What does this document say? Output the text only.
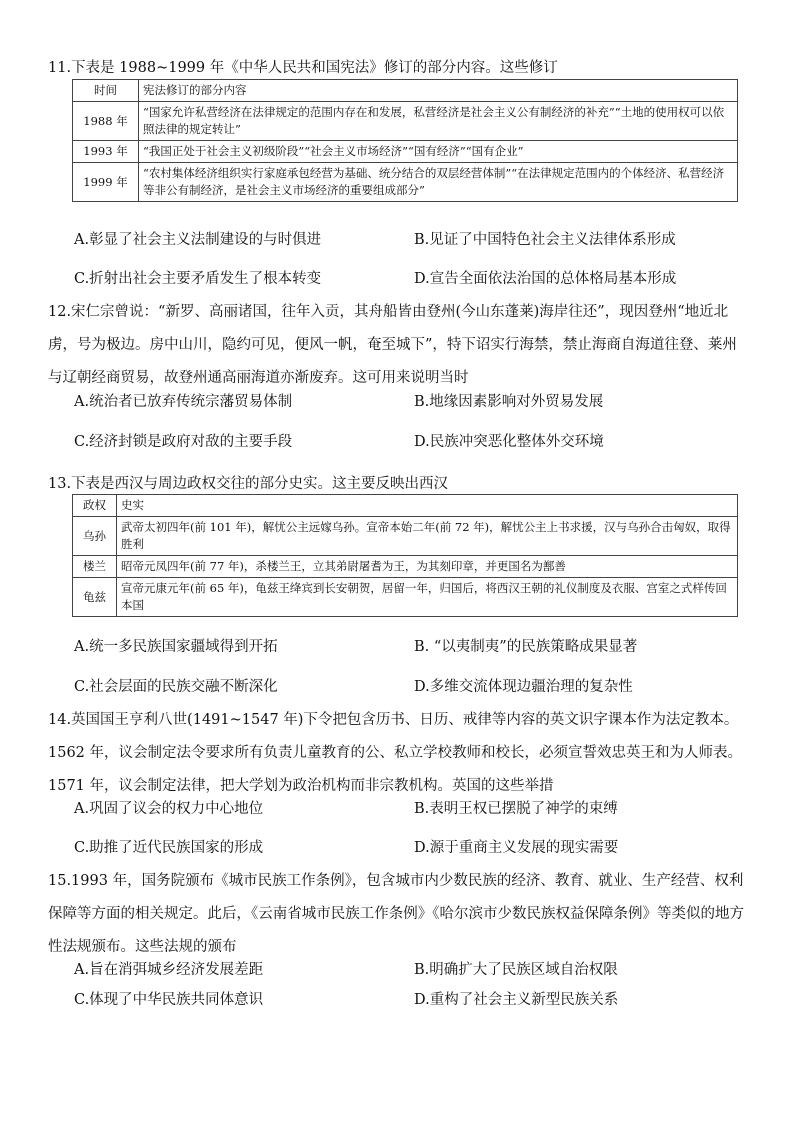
11.下表是 1988~1999 年《中华人民共和国宪法》修订的部分内容。这些修订
时间	宪法修订的部分内容
1988 年	“国家允许私营经济在法律规定的范围内存在和发展，私营经济是社会主义公有制经济的补充”“土地的使用权可以依照法律的规定转让”
1993 年	“我国正处于社会主义初级阶段”“社会主义市场经济”“国有经济”“国有企业”
1999 年	“农村集体经济组织实行家庭承包经营为基础、统分结合的双层经营体制”“在法律规定范围内的个体经济、私营经济等非公有制经济，是社会主义市场经济的重要组成部分”
A.彰显了社会主义法制建设的与时俱进	B.见证了中国特色社会主义法律体系形成
C.折射出社会主要矛盾发生了根本转变	D.宣告全面依法治国的总体格局基本形成
12.宋仁宗曾说：“新罗、高丽诸国，往年入贡，其舟船皆由登州(今山东蓬莱)海岸往还”，现因登州“地近北虏，号为极边。房中山川，隐约可见，便风一帆，奄至城下”，特下诏实行海禁，禁止海商自海道往登、莱州与辽朝经商贸易，故登州通高丽海道亦渐废弃。这可用来说明当时
A.统治者已放弃传统宗藩贸易体制	B.地缘因素影响对外贸易发展
C.经济封锁是政府对敌的主要手段	D.民族冲突恶化整体外交环境
13.下表是西汉与周边政权交往的部分史实。这主要反映出西汉
政权	史实
乌孙	武帝太初四年(前 101 年)，解忧公主远嫁乌孙。宣帝本始二年(前 72 年)，解忧公主上书求援，汉与乌孙合击匈奴，取得胜利
楼兰	昭帝元凤四年(前 77 年)，杀楼兰王，立其弟尉屠耆为王，为其刻印章，并更国名为鄯善
龟兹	宣帝元康元年(前 65 年)，龟兹王绛宾到长安朝贺，居留一年，归国后，将西汉王朝的礼仪制度及衣服、宫室之式样传回本国
A.统一多民族国家疆域得到开拓	B. “以夷制夷”的民族策略成果显著
C.社会层面的民族交融不断深化	D.多维交流体现边疆治理的复杂性
14.英国国王亨利八世(1491~1547 年)下令把包含历书、日历、戒律等内容的英文识字课本作为法定教本。1562 年，议会制定法令要求所有负责儿童教育的公、私立学校教师和校长，必须宣誓效忠英王和为人师表。1571 年，议会制定法律，把大学划为政治机构而非宗教机构。英国的这些举措
A.巩固了议会的权力中心地位	B.表明王权已摆脱了神学的束缚
C.助推了近代民族国家的形成	D.源于重商主义发展的现实需要
15.1993 年，国务院颁布《城市民族工作条例》，包含城市内少数民族的经济、教育、就业、生产经营、权利保障等方面的相关规定。此后，《云南省城市民族工作条例》《哈尔滨市少数民族权益保障条例》等类似的地方性法规颁布。这些法规的颁布
A.旨在消弭城乡经济发展差距	B.明确扩大了民族区域自治权限
C.体现了中华民族共同体意识	D.重构了社会主义新型民族关系
